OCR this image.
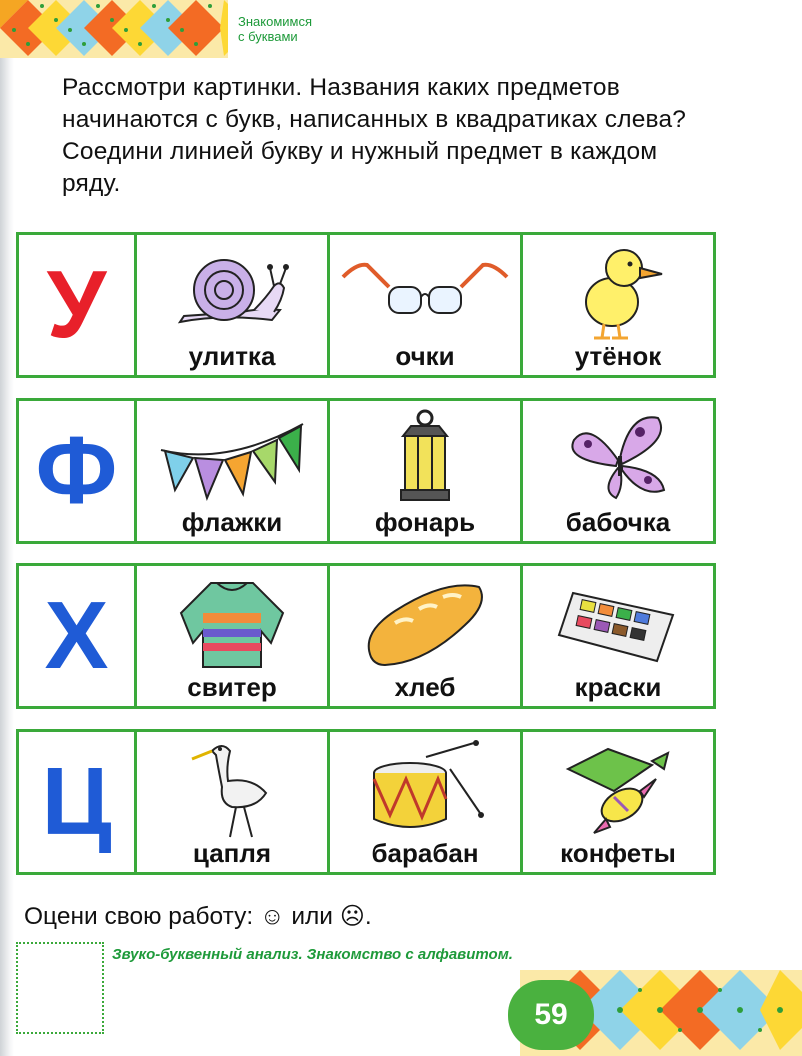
Знакомимся
с буквами
Рассмотри картинки. Названия каких предметов
начинаются с букв, написанных в квадратиках слева?
Соедини линией букву и нужный предмет в каждом
ряду.
У	улитка	очки	утёнок
Ф	флажки	фонарь	бабочка
Х	свитер	хлеб	краски
Ц	цапля	барабан	конфеты
Оцени свою работу: ☺ или ☹.
Звуко-буквенный анализ. Знакомство с алфавитом.
59
